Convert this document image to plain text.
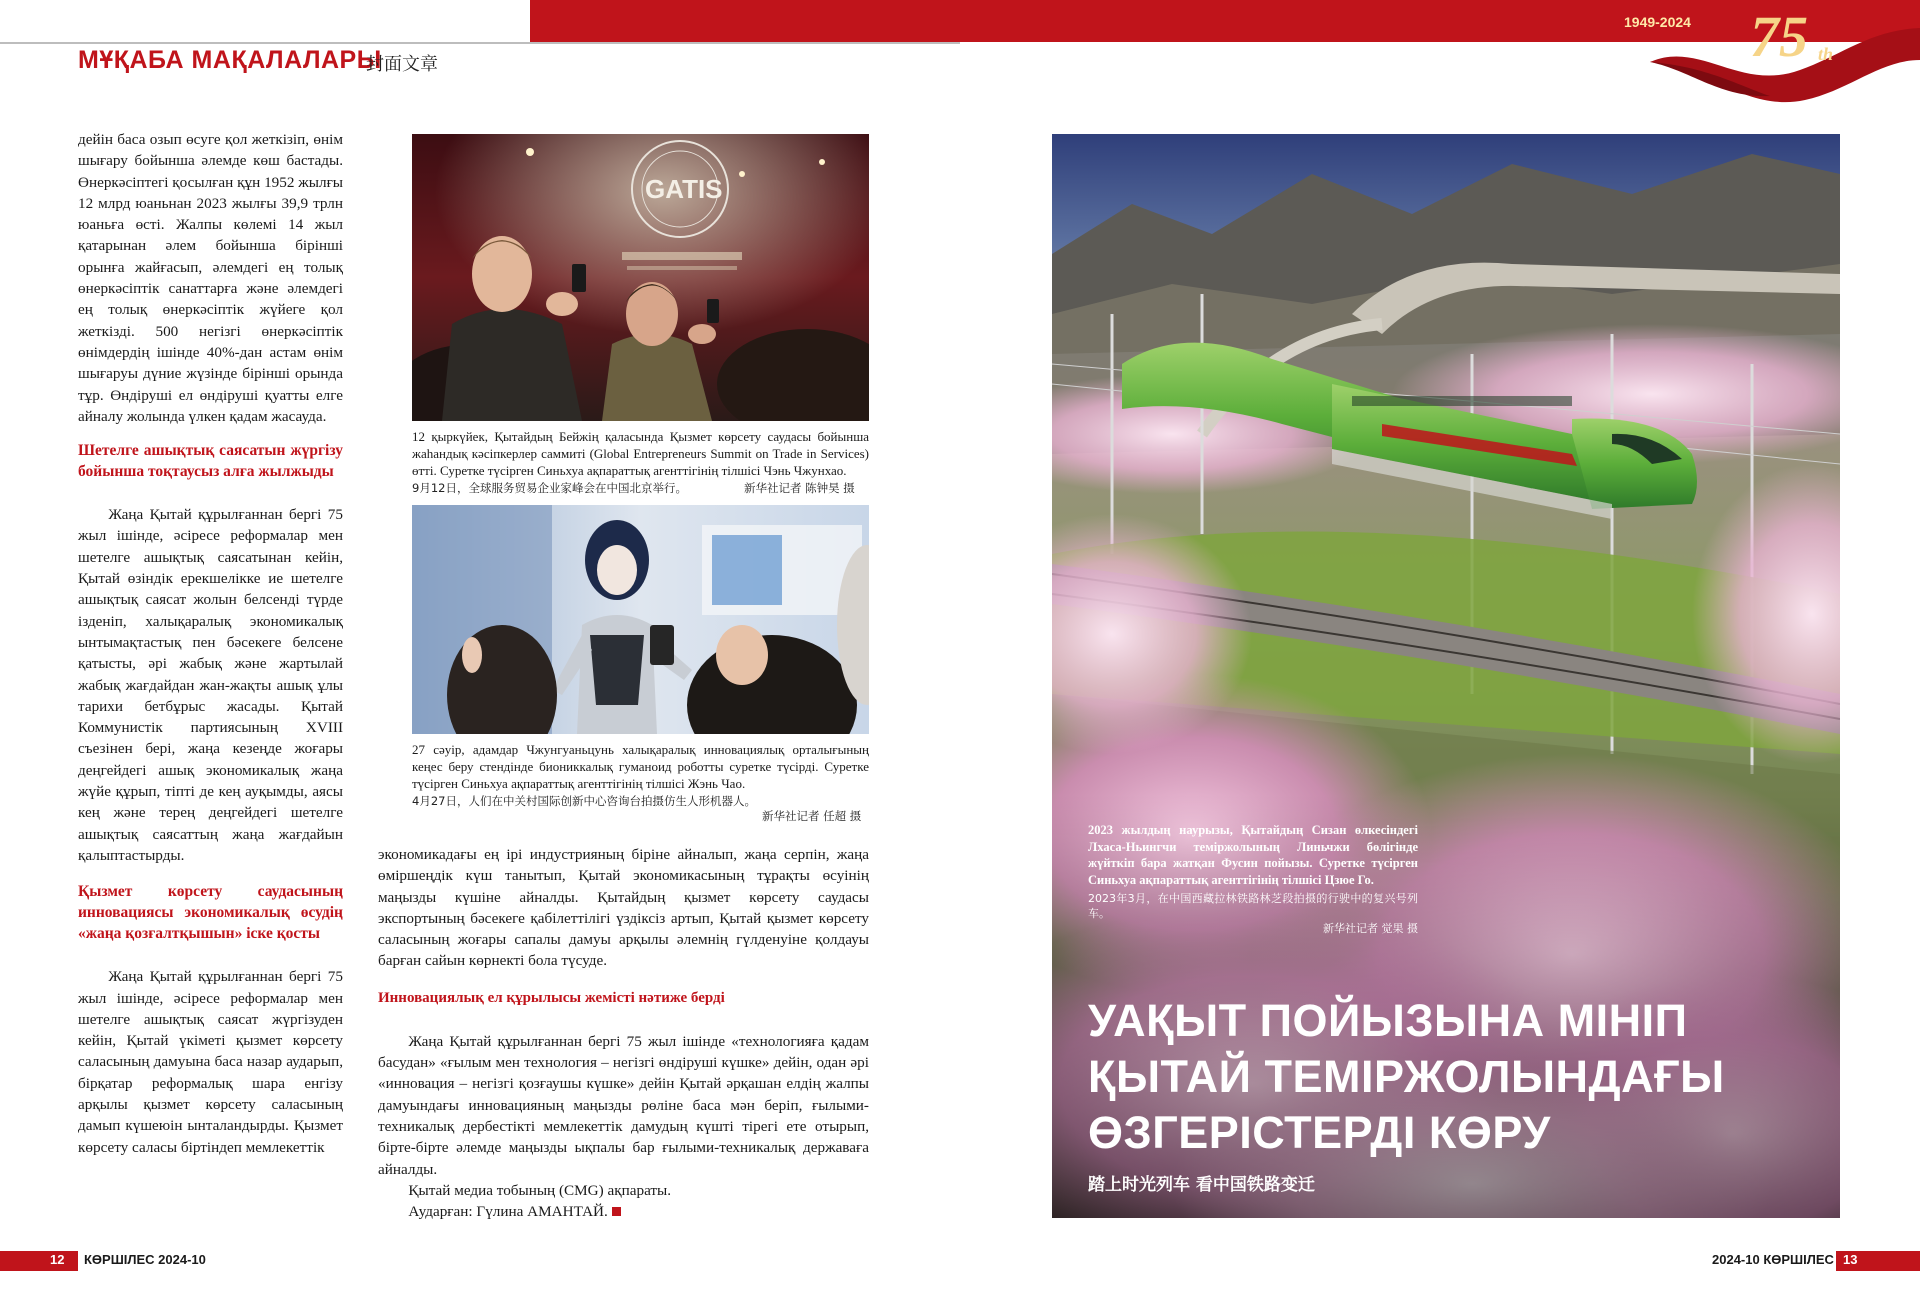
МҰҚАБА МАҚАЛАЛАРЫ
封面文章	75 th
1949-2024

дейін баса озып өсуге қол жеткізіп, өнім шығару бойынша әлемде көш бастады. Өнеркәсіптегі қосылған құн 1952 жылғы 12 млрд юаньнан 2023 жылғы 39,9 трлн юаньға өсті. Жалпы көлемі 14 жыл қатарынан әлем бойынша бірінші орынға жайғасып, әлемдегі ең толық өнеркәсіптік санаттарға және әлемдегі ең толық өнеркәсіптік жүйеге қол жеткізді. 500 негізгі өнеркәсіптік өнімдердің ішінде 40%-дан астам өнім шығаруы дүние жүзінде бірінші орында тұр. Өндіруші ел өндіруші қуатты елге айналу жолында үлкен қадам жасауда.

Шетелге ашықтық саясатын жүргізу бойынша тоқтаусыз алға жылжыды

Жаңа Қытай құрылғаннан бергі 75 жыл ішінде, әсіресе реформалар мен шетелге ашықтық саясатынан кейін, Қытай өзіндік ерекшелікке ие шетелге ашықтық саясат жолын белсенді түрде ізденіп, халықаралық экономикалық ынтымақтастық пен бәсекеге белсене қатысты, әрі жабық және жартылай жабық жағдайдан жан-жақты ашық ұлы тарихи бетбұрыс жасады. Қытай Коммунистік партиясының XVIII съезінен бері, жаңа кезеңде жоғары деңгейдегі ашық экономикалық жаңа жүйе құрып, тіпті де кең ауқымды, аясы кең және терең деңгейдегі шетелге ашықтық саясаттың жаңа жағдайын қалыптастырды.

Қызмет көрсету саудасының инновациясы экономикалық өсудің «жаңа қозғалтқышын» іске қосты

Жаңа Қытай құрылғаннан бергі 75 жыл ішінде, әсіресе реформалар мен шетелге ашықтық саясат жүргізуден кейін, Қытай үкіметі қызмет көрсету саласының дамуына баса назар аударып, бірқатар реформалық шара енгізу арқылы қызмет көрсету саласының дамып күшеюін ынталандырды. Қызмет көрсету саласы біртіндеп мемлекеттік

GATIS
12 қыркүйек, Қытайдың Бейжің қаласында Қызмет көрсету саудасы бойынша жаһандық кәсіпкерлер саммиті (Global Entrepreneurs Summit on Trade in Services) өтті. Суретке түсірген Синьхуа ақпараттық агенттігінің тілшісі Чэнь Чжунхао.
9月12日，全球服务贸易企业家峰会在中国北京举行。	新华社记者 陈钟昊 摄
27 сәуір, адамдар Чжунгуаньцунь халықаралық инновациялық орталығының кеңес беру стендінде биониккалық гуманоид роботты суретке түсірді. Суретке түсірген Синьхуа ақпараттық агенттігінің тілшісі Жэнь Чао.
4月27日，人们在中关村国际创新中心咨询台拍摄仿生人形机器人。
新华社记者 任超 摄

экономикадағы ең ірі индустрияның біріне айналып, жаңа серпін, жаңа өміршеңдік күш танытып, Қытай экономикасының тұрақты өсуінің маңызды күшіне айналды. Қытайдың қызмет көрсету саудасы экспортының бәсекеге қабілеттілігі үздіксіз артып, Қытай қызмет көрсету саласының жоғары сапалы дамуы арқылы әлемнің гүлденуіне қолдауы барған сайын көрнекті бола түсуде.

Инновациялық ел құрылысы жемісті нәтиже берді

Жаңа Қытай құрылғаннан бергі 75 жыл ішінде «технологияға қадам басудан» «ғылым мен технология – негізгі өндіруші күшке» дейін, одан әрі «инновация – негізгі қозғаушы күшке» дейін Қытай әрқашан елдің жалпы дамуындағы инновацияның маңызды рөліне баса мән беріп, ғылыми-техникалық дербестікті мемлекеттік дамудың күшті тірегі ете отырып, біртe-біртe әлемде маңызды ықпалы бар ғылыми-техникалық державаға айналды.

Қытай медиа тобының (CMG) ақпараты.

Аударған: Гүлина АМАНТАЙ.

2023 жылдың наурызы, Қытайдың Сизан өлкесіндегі Лхаса-Ньингчи теміржолының Линьчжи бөлігінде жүйткіп бара жатқан Фусин пойызы. Суретке түсірген Синьхуа ақпараттық агенттігінің тілшісі Цзюе Го.
2023年3月，在中国西藏拉林铁路林芝段拍摄的行驶中的复兴号列车。
新华社记者 觉果 摄
УАҚЫТ ПОЙЫЗЫНА МІНІП ҚЫТАЙ ТЕМІРЖОЛЫНДАҒЫ ӨЗГЕРІСТЕРДІ КӨРУ
踏上时光列车 看中国铁路变迁
12 КӨРШІЛЕС 2024-10	2024-10 КӨРШІЛЕС 13
